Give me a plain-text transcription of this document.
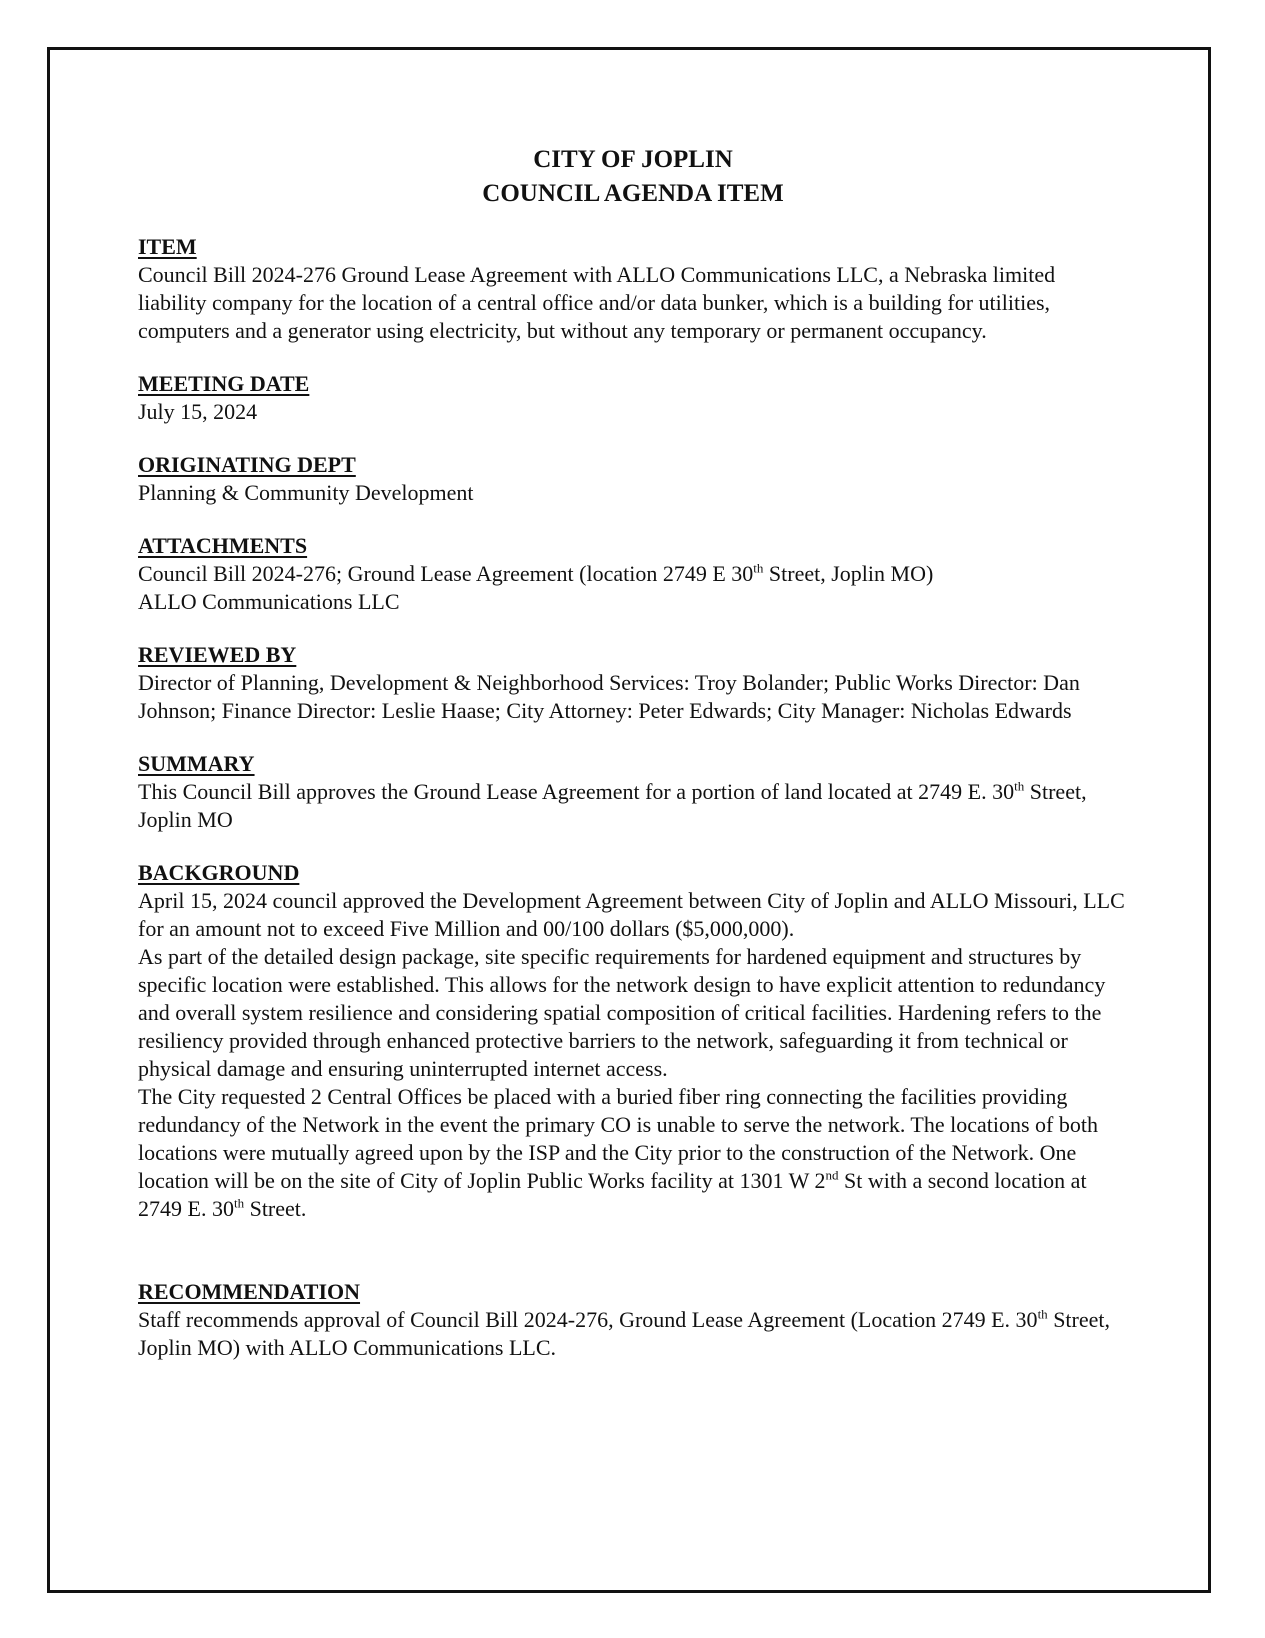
CITY OF JOPLIN

COUNCIL AGENDA ITEM

ITEM

Council Bill 2024-276 Ground Lease Agreement with ALLO Communications LLC, a Nebraska limited liability company for the location of a central office and/or data bunker, which is a building for utilities, computers and a generator using electricity, but without any temporary or permanent occupancy.

MEETING DATE

July 15, 2024

ORIGINATING DEPT

Planning & Community Development

ATTACHMENTS

Council Bill 2024-276; Ground Lease Agreement (location 2749 E 30th Street, Joplin MO)

ALLO Communications LLC

REVIEWED BY

Director of Planning, Development & Neighborhood Services: Troy Bolander; Public Works Director: Dan Johnson; Finance Director: Leslie Haase; City Attorney: Peter Edwards; City Manager: Nicholas Edwards

SUMMARY

This Council Bill approves the Ground Lease Agreement for a portion of land located at 2749 E. 30th Street, Joplin MO

BACKGROUND

April 15, 2024 council approved the Development Agreement between City of Joplin and ALLO Missouri, LLC for an amount not to exceed Five Million and 00/100 dollars ($5,000,000).

As part of the detailed design package, site specific requirements for hardened equipment and structures by specific location were established. This allows for the network design to have explicit attention to redundancy and overall system resilience and considering spatial composition of critical facilities. Hardening refers to the resiliency provided through enhanced protective barriers to the network, safeguarding it from technical or physical damage and ensuring uninterrupted internet access.

The City requested 2 Central Offices be placed with a buried fiber ring connecting the facilities providing redundancy of the Network in the event the primary CO is unable to serve the network. The locations of both locations were mutually agreed upon by the ISP and the City prior to the construction of the Network. One location will be on the site of City of Joplin Public Works facility at 1301 W 2nd St with a second location at 2749 E. 30th Street.

RECOMMENDATION

Staff recommends approval of Council Bill 2024-276, Ground Lease Agreement (Location 2749 E. 30th Street, Joplin MO) with ALLO Communications LLC.
